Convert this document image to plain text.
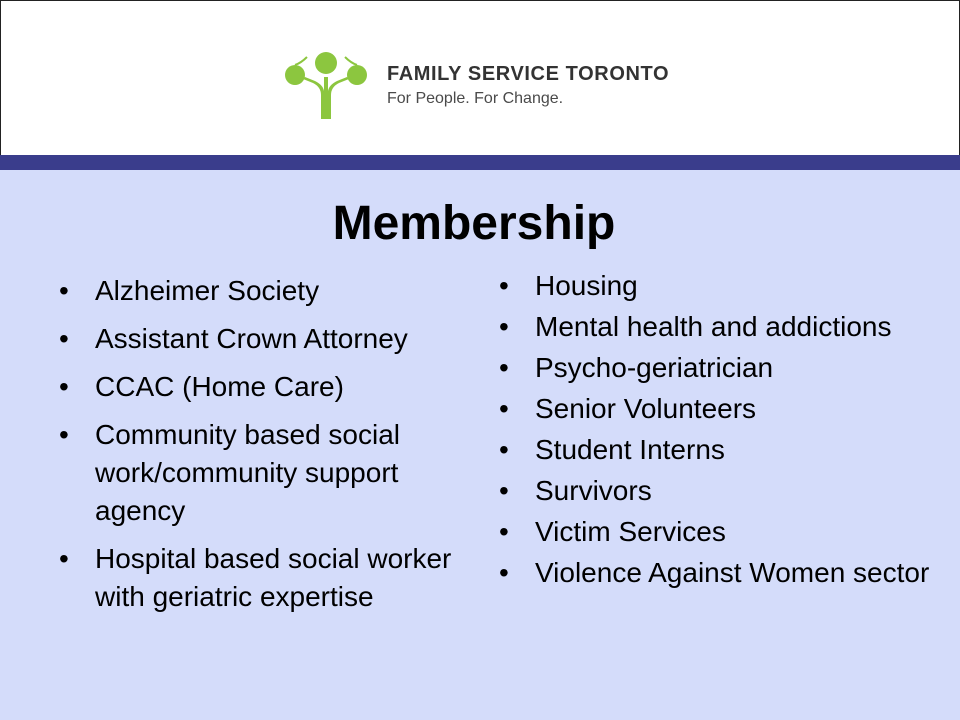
FAMILY SERVICE TORONTO
For People. For Change.
Membership
• Alzheimer Society
• Assistant Crown Attorney
• CCAC (Home Care)
• Community based social work/community support agency
• Hospital based social worker with geriatric expertise
• Housing
• Mental health and addictions
• Psycho-geriatrician
• Senior Volunteers
• Student Interns
• Survivors
• Victim Services
• Violence Against Women sector
